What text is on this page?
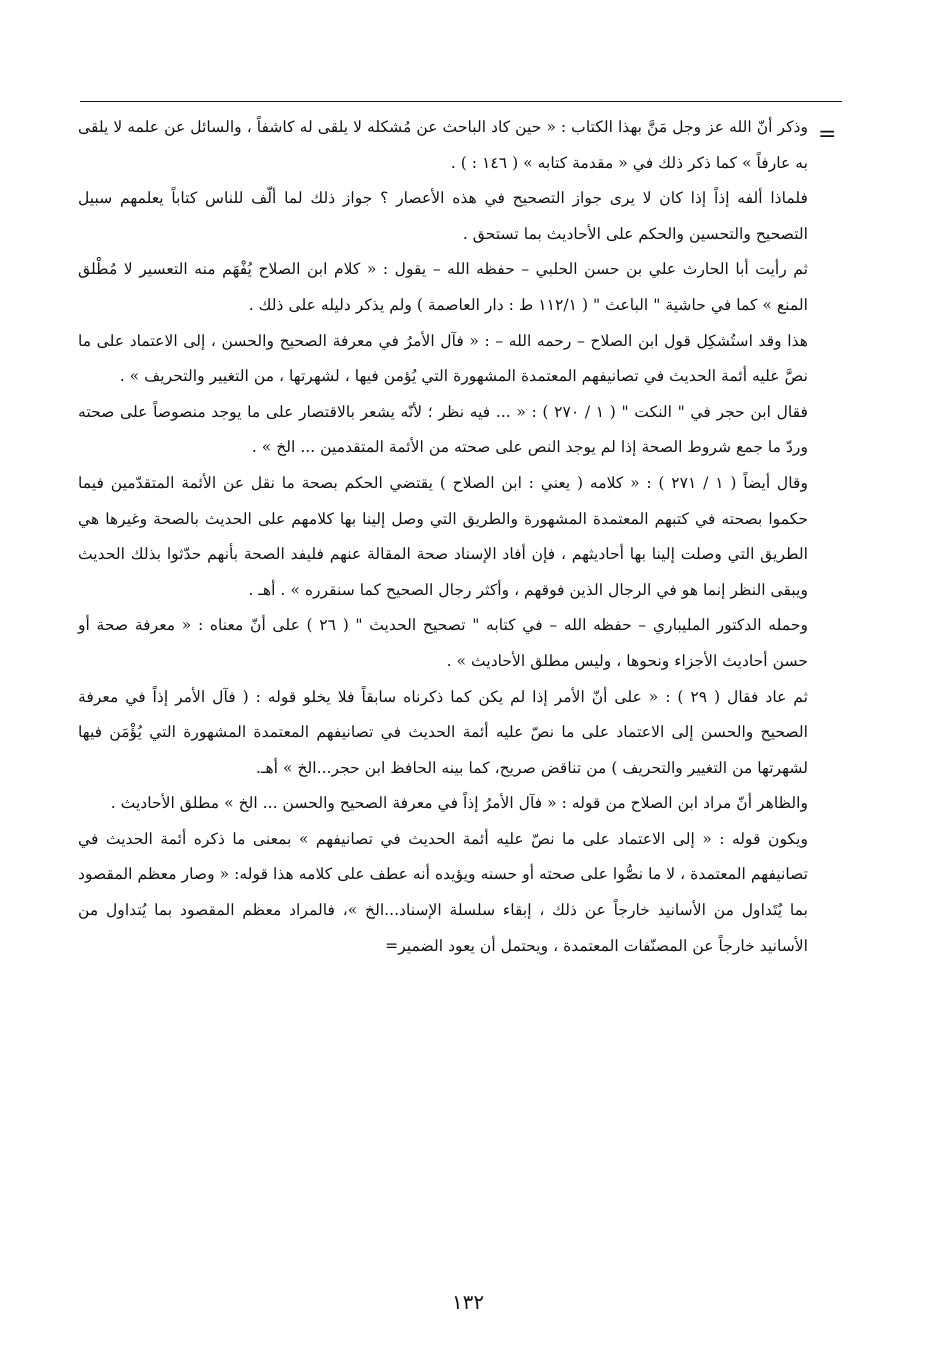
=

وذكر أنّ الله عز وجل مَنَّ بهذا الكتاب : « حين كاد الباحث عن مُشكله لا يلقى له كاشفاً ، والسائل عن علمه لا يلقى به عارفاً » كما ذكر ذلك في « مقدمة كتابه » ( ١٤٦ : ) .

فلماذا ألفه إذاً إذا كان لا يرى جواز التصحيح في هذه الأعصار ؟ جواز ذلك لما ألّف للناس كتاباً يعلمهم سبيل التصحيح والتحسين والحكم على الأحاديث بما تستحق .

ثم رأيت أبا الحارث علي بن حسن الحلبي – حفظه الله – يقول : « كلام ابن الصلاح يُفْهَم منه التعسير لا مُطْلق المنع » كما في حاشية " الباعث " ( ١١٢/١ ط : دار العاصمة ) ولم يذكر دليله على ذلك .

هذا وقد استُشكِل قول ابن الصلاح – رحمه الله – : « فآل الأمرُ في معرفة الصحيح والحسن ، إلى الاعتماد على ما نصَّ عليه أئمة الحديث في تصانيفهم المعتمدة المشهورة التي يُؤمن فيها ، لشهرتها ، من التغيير والتحريف » .

فقال ابن حجر في " النكت " ( ١ / ٢٧٠ ) : « ... فيه نظر ؛ لأنّه يشعر بالاقتصار على ما يوجد منصوصاً على صحته وردّ ما جمع شروط الصحة إذا لم يوجد النص على صحته من الأئمة المتقدمين ... الخ » .

وقال أيضاً ( ١ / ٢٧١ ) : « كلامه ( يعني : ابن الصلاح ) يقتضي الحكم بصحة ما نقل عن الأئمة المتقدّمين فيما حكموا بصحته في كتبهم المعتمدة المشهورة والطريق التي وصل إلينا بها كلامهم على الحديث بالصحة وغيرها هي الطريق التي وصلت إلينا بها أحاديثهم ، فإن أفاد الإسناد صحة المقالة عنهم فليفد الصحة بأنهم حدّثوا بذلك الحديث ويبقى النظر إنما هو في الرجال الذين فوقهم ، وأكثر رجال الصحيح كما سنقرره » . أهـ .

وحمله الدكتور المليباري – حفظه الله – في كتابه " تصحيح الحديث " ( ٢٦ ) على أنّ معناه : « معرفة صحة أو حسن أحاديث الأجزاء ونحوها ، وليس مطلق الأحاديث » .

ثم عاد فقال ( ٢٩ ) : « على أنّ الأمر إذا لم يكن كما ذكرناه سابقاً فلا يخلو قوله : ( فآل الأمر إذاً في معرفة الصحيح والحسن إلى الاعتماد على ما نصّ عليه أئمة الحديث في تصانيفهم المعتمدة المشهورة التي يُؤْمَن فيها لشهرتها من التغيير والتحريف ) من تناقض صريح، كما بينه الحافظ ابن حجر...الخ » أهـ.

والظاهر أنّ مراد ابن الصلاح من قوله : « فآل الأمرُ إذاً في معرفة الصحيح والحسن ... الخ » مطلق الأحاديث .

ويكون قوله : « إلى الاعتماد على ما نصّ عليه أئمة الحديث في تصانيفهم » بمعنى ما ذكره أئمة الحديث في تصانيفهم المعتمدة ، لا ما نصُّوا على صحته أو حسنه ويؤيده أنه عطف على كلامه هذا قوله: « وصار معظم المقصود بما يُتَداول من الأسانيد خارجاً عن ذلك ، إبقاء سلسلة الإسناد...الخ »، فالمراد معظم المقصود بما يُتداول من الأسانيد خارجاً عن المصنّفات المعتمدة ، ويحتمل أن يعود الضمير=

١٣٢
